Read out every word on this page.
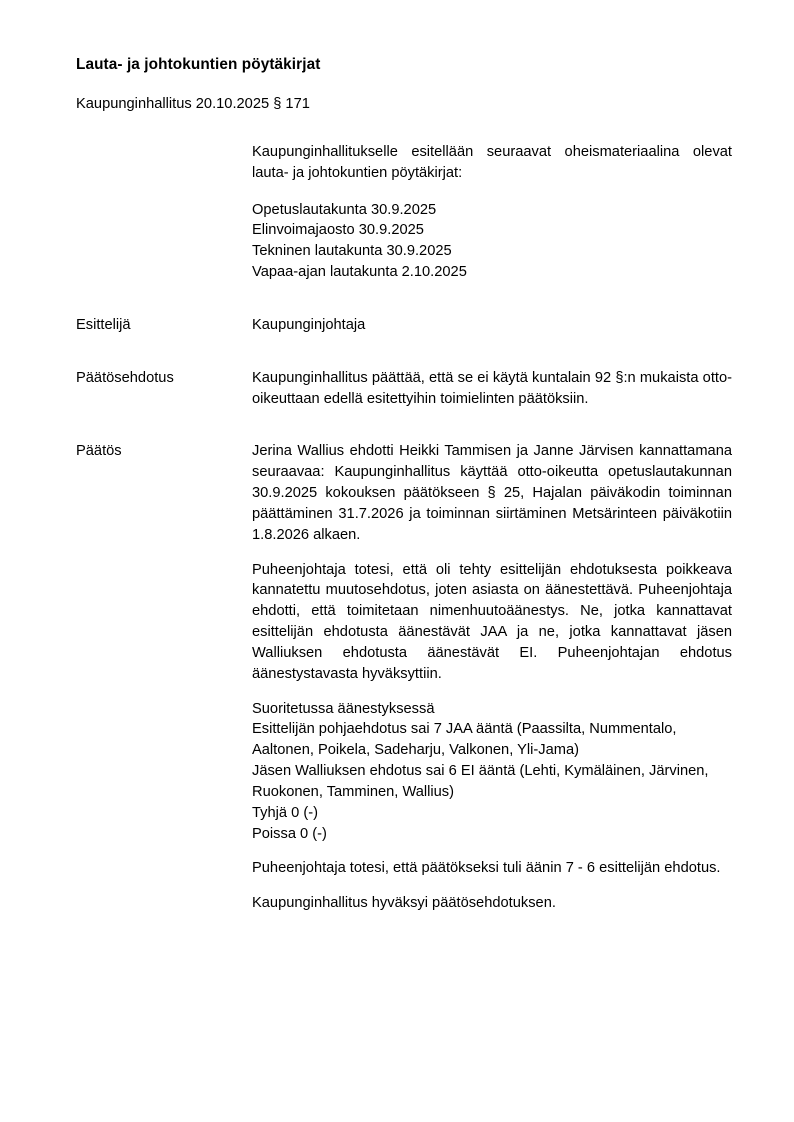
Lauta- ja johtokuntien pöytäkirjat
Kaupunginhallitus 20.10.2025 § 171
Kaupunginhallitukselle esitellään seuraavat oheismateriaalina olevat lauta- ja johtokuntien pöytäkirjat:
Opetuslautakunta 30.9.2025
Elinvoimajaosto 30.9.2025
Tekninen lautakunta 30.9.2025
Vapaa-ajan lautakunta 2.10.2025
Esittelijä	Kaupunginjohtaja
Päätösehdotus	Kaupunginhallitus päättää, että se ei käytä kuntalain 92 §:n mukaista otto-oikeuttaan edellä esitettyihin toimielinten päätöksiin.
Päätös	Jerina Wallius ehdotti Heikki Tammisen ja Janne Järvisen kannattamana seuraavaa: Kaupunginhallitus käyttää otto-oikeutta opetuslautakunnan 30.9.2025 kokouksen päätökseen § 25, Hajalan päiväkodin toiminnan päättäminen 31.7.2026 ja toiminnan siirtäminen Metsärinteen päiväkotiin 1.8.2026 alkaen.
Puheenjohtaja totesi, että oli tehty esittelijän ehdotuksesta poikkeava kannatettu muutosehdotus, joten asiasta on äänestettävä. Puheenjohtaja ehdotti, että toimitetaan nimenhuutoäänestys. Ne, jotka kannattavat esittelijän ehdotusta äänestävät JAA ja ne, jotka kannattavat jäsen Walliuksen ehdotusta äänestävät EI. Puheenjohtajan ehdotus äänestystavasta hyväksyttiin.
Suoritetussa äänestyksessä
Esittelijän pohjaehdotus sai 7 JAA ääntä (Paassilta, Nummentalo,
Aaltonen, Poikela, Sadeharju, Valkonen, Yli-Jama)
Jäsen Walliuksen ehdotus sai 6 EI ääntä (Lehti, Kymäläinen, Järvinen,
Ruokonen, Tamminen, Wallius)
Tyhjä 0 (-)
Poissa 0 (-)
Puheenjohtaja totesi, että päätökseksi tuli äänin 7 - 6 esittelijän ehdotus.
Kaupunginhallitus hyväksyi päätösehdotuksen.
